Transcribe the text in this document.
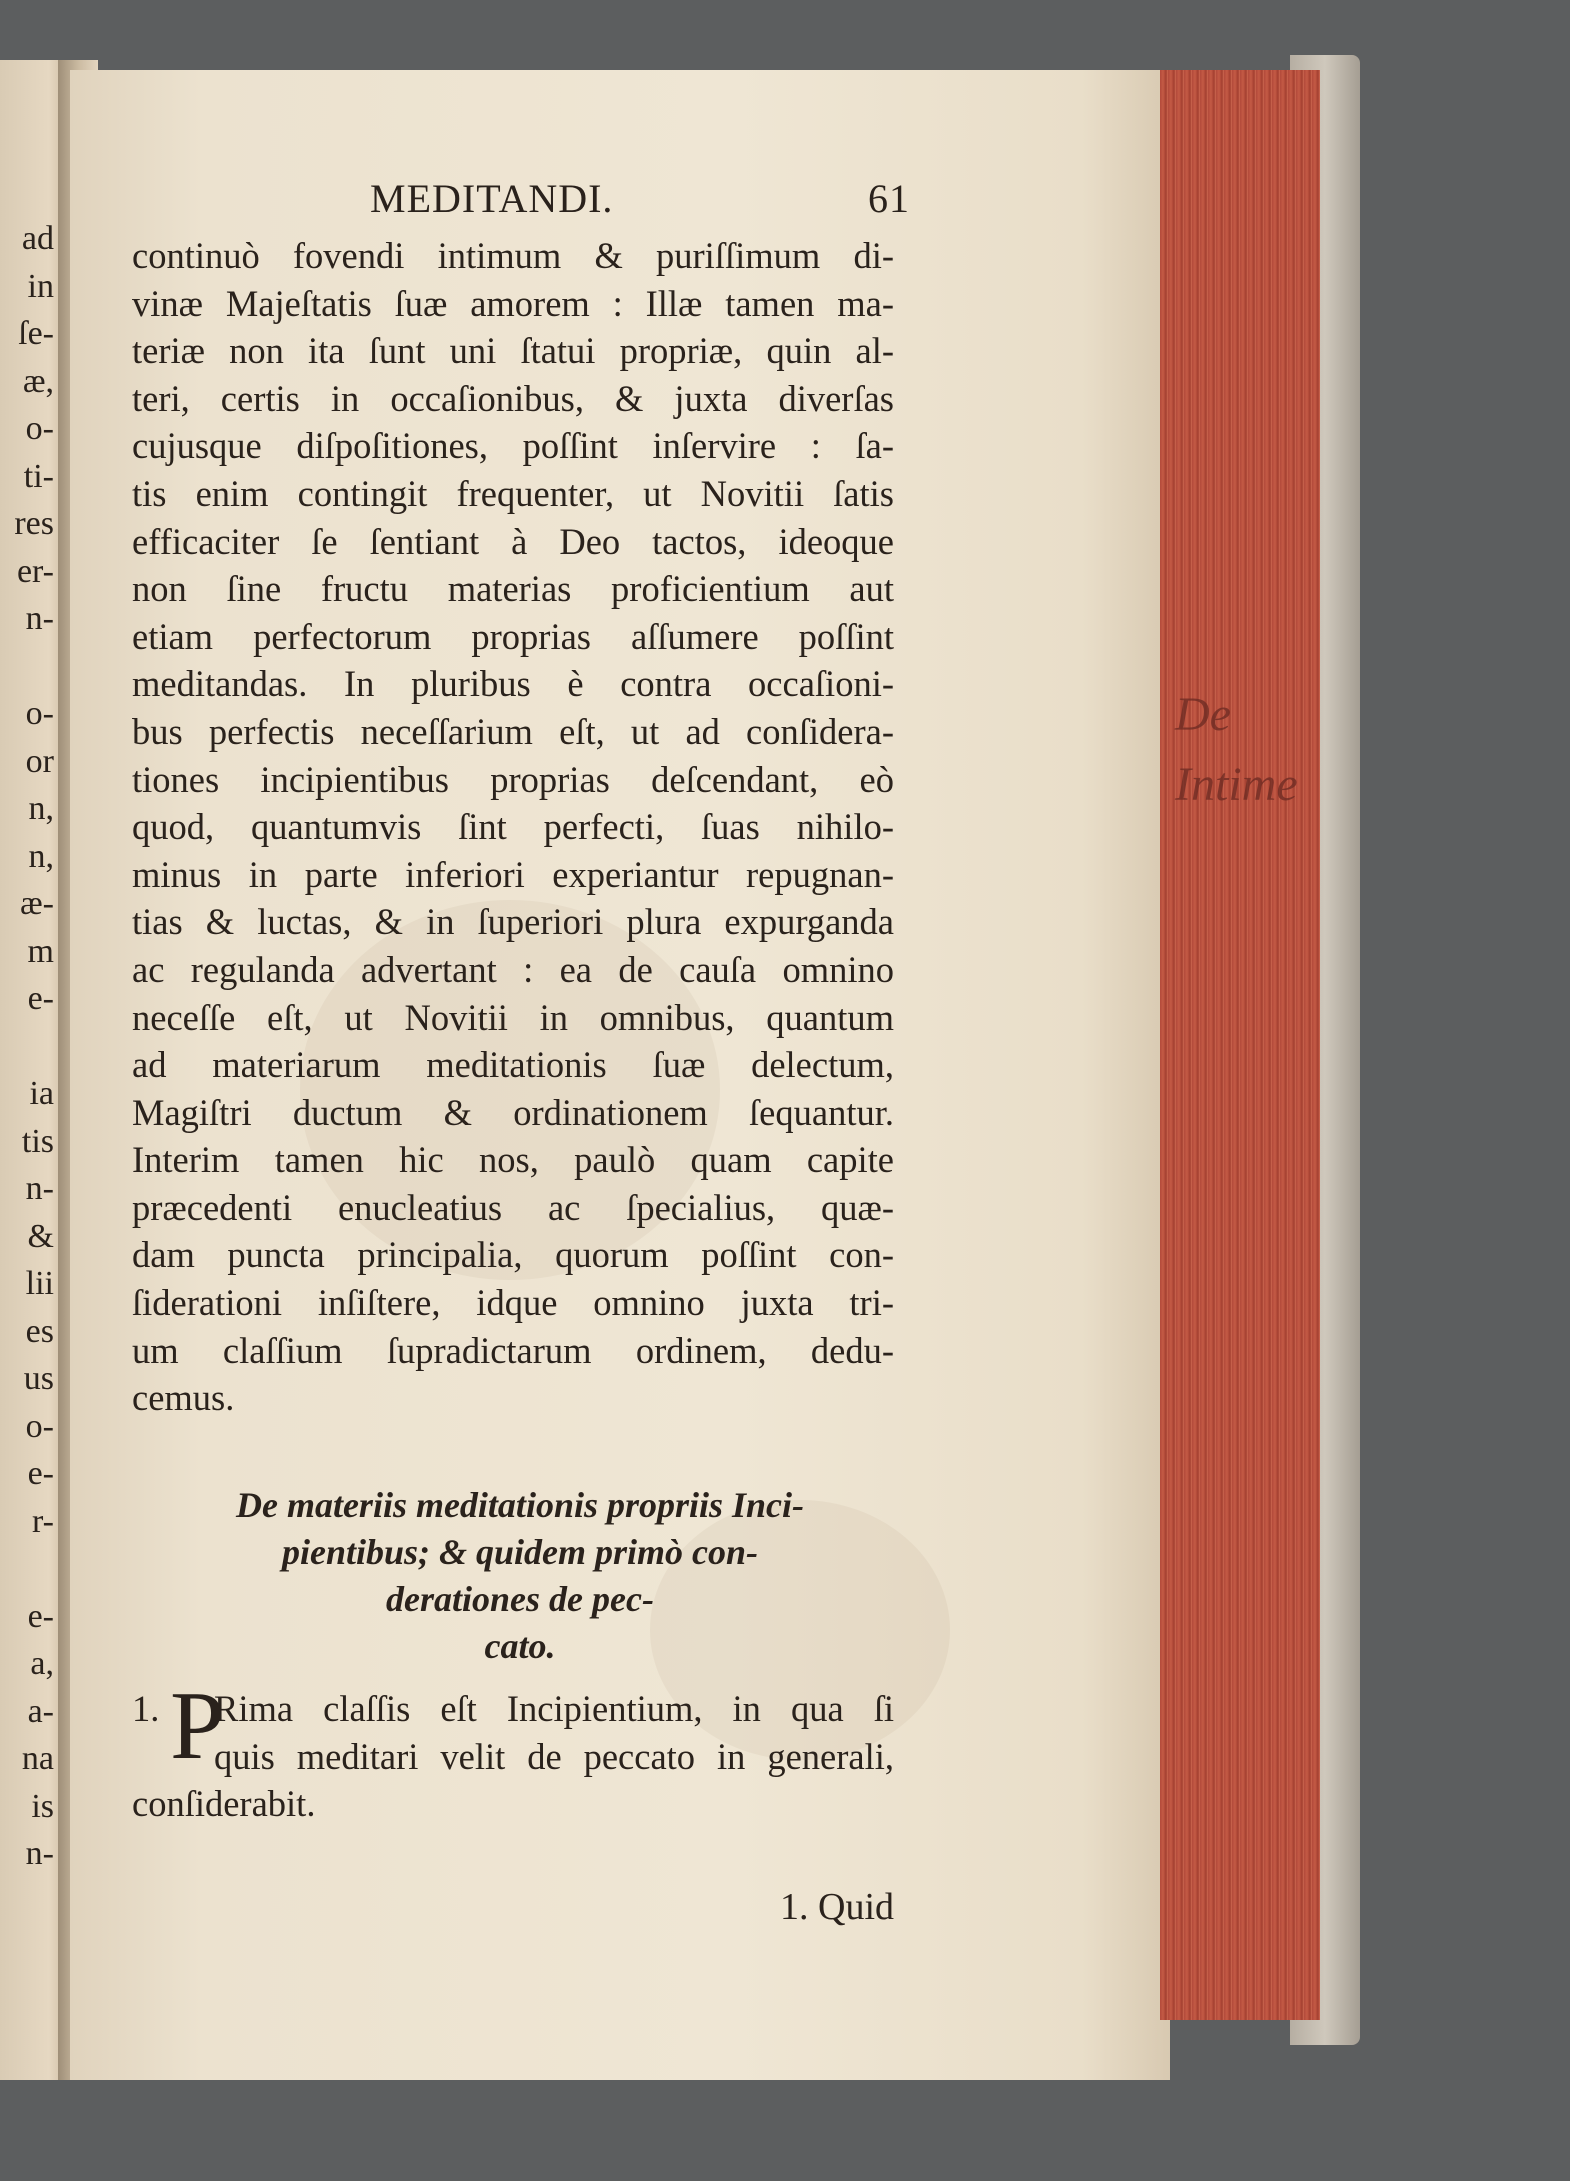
ad
in
ſe-
æ,
o-
ti-
res
er-
n-
o-
or
n,
n,
æ-
m
e-
ia
tis
n-
&
lii
es
us
o-
e-
r-
e-
a,
a-
na
is
n-
De
Intime
MEDITANDI.	61
continuò fovendi intimum & puriſſimum di-
vinæ Majeſtatis ſuæ amorem : Illæ tamen ma-
teriæ non ita ſunt uni ſtatui propriæ, quin al-
teri, certis in occaſionibus, & juxta diverſas
cujusque diſpoſitiones, poſſint inſervire : ſa-
tis enim contingit frequenter, ut Novitii ſatis
efficaciter ſe ſentiant à Deo tactos, ideoque
non ſine fructu materias proficientium aut
etiam perfectorum proprias aſſumere poſſint
meditandas. In pluribus è contra occaſioni-
bus perfectis neceſſarium eſt, ut ad conſidera-
tiones incipientibus proprias deſcendant, eò
quod, quantumvis ſint perfecti, ſuas nihilo-
minus in parte inferiori experiantur repugnan-
tias & luctas, & in ſuperiori plura expurganda
ac regulanda advertant : ea de cauſa omnino
neceſſe eſt, ut Novitii in omnibus, quantum
ad materiarum meditationis ſuæ delectum,
Magiſtri ductum & ordinationem ſequantur.
Interim tamen hic nos, paulò quam capite
præcedenti enucleatius ac ſpecialius, quæ-
dam puncta principalia, quorum poſſint con-
ſiderationi inſiſtere, idque omnino juxta tri-
um claſſium ſupradictarum ordinem, dedu-
cemus.
De materiis meditationis propriis Inci-
pientibus; & quidem primò con-
derationes de pec-
cato.
1. P
Rima claſſis eſt Incipientium, in qua ſi
quis meditari velit de peccato in generali,
conſiderabit.
1. Quid
